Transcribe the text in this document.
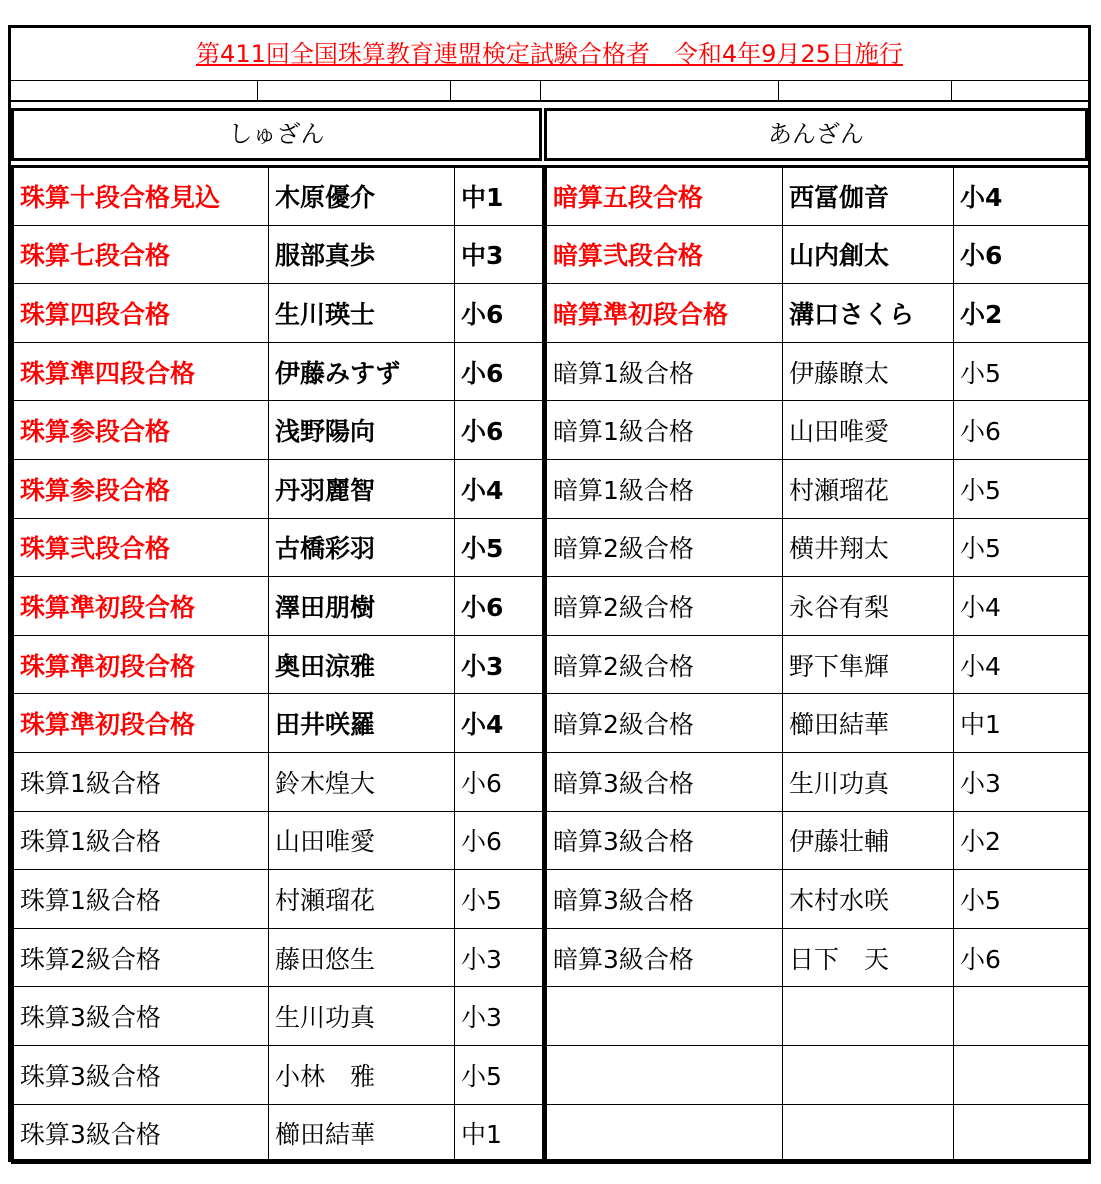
第411回全国珠算教育連盟検定試験合格者　令和4年9月25日施行
しゅざん	あんざん
珠算十段合格見込	木原優介	中1
珠算七段合格	服部真歩	中3
珠算四段合格	生川瑛士	小6
珠算準四段合格	伊藤みすず	小6
珠算参段合格	浅野陽向	小6
珠算参段合格	丹羽麗智	小4
珠算弐段合格	古橋彩羽	小5
珠算準初段合格	澤田朋樹	小6
珠算準初段合格	奥田涼雅	小3
珠算準初段合格	田井咲羅	小4
珠算1級合格	鈴木煌大	小6
珠算1級合格	山田唯愛	小6
珠算1級合格	村瀬瑠花	小5
珠算2級合格	藤田悠生	小3
珠算3級合格	生川功真	小3
珠算3級合格	小林　雅	小5
珠算3級合格	櫛田結華	中1
暗算五段合格	西冨伽音	小4
暗算弐段合格	山内創太	小6
暗算準初段合格	溝口さくら	小2
暗算1級合格	伊藤瞭太	小5
暗算1級合格	山田唯愛	小6
暗算1級合格	村瀬瑠花	小5
暗算2級合格	横井翔太	小5
暗算2級合格	永谷有梨	小4
暗算2級合格	野下隼輝	小4
暗算2級合格	櫛田結華	中1
暗算3級合格	生川功真	小3
暗算3級合格	伊藤壮輔	小2
暗算3級合格	木村水咲	小5
暗算3級合格	日下　天	小6
